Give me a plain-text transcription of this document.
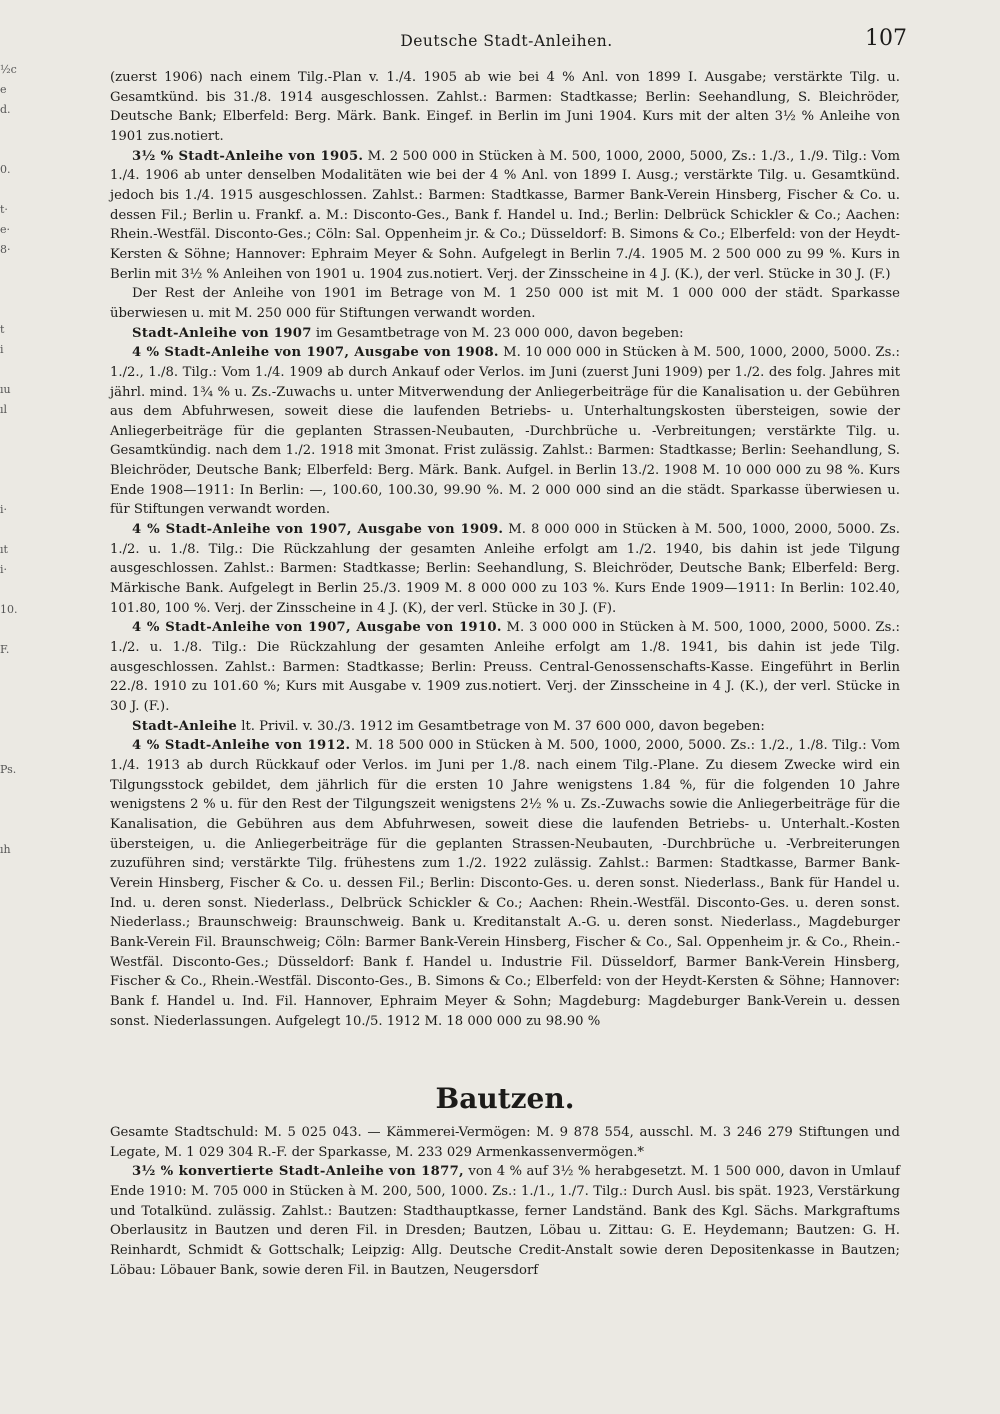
½c
e
d.

0.

t·
e·
8·

t
i

ıu
ıl

i·

ıt
i·

10.

F.

Ps.

ıh

Deutsche Stadt-Anleihen.	107

(zuerst 1906) nach einem Tilg.-Plan v. 1./4. 1905 ab wie bei 4 % Anl. von 1899 I. Ausgabe; verstärkte Tilg. u. Gesamtkünd. bis 31./8. 1914 ausgeschlossen. Zahlst.: Barmen: Stadtkasse; Berlin: Seehandlung, S. Bleichröder, Deutsche Bank; Elberfeld: Berg. Märk. Bank. Eingef. in Berlin im Juni 1904. Kurs mit der alten 3½ % Anleihe von 1901 zus.notiert.

3½ % Stadt-Anleihe von 1905. M. 2 500 000 in Stücken à M. 500, 1000, 2000, 5000, Zs.: 1./3., 1./9. Tilg.: Vom 1./4. 1906 ab unter denselben Modalitäten wie bei der 4 % Anl. von 1899 I. Ausg.; verstärkte Tilg. u. Gesamtkünd. jedoch bis 1./4. 1915 ausgeschlossen. Zahlst.: Barmen: Stadtkasse, Barmer Bank-Verein Hinsberg, Fischer & Co. u. dessen Fil.; Berlin u. Frankf. a. M.: Disconto-Ges., Bank f. Handel u. Ind.; Berlin: Delbrück Schickler & Co.; Aachen: Rhein.-Westfäl. Disconto-Ges.; Cöln: Sal. Oppenheim jr. & Co.; Düsseldorf: B. Simons & Co.; Elberfeld: von der Heydt-Kersten & Söhne; Hannover: Ephraim Meyer & Sohn. Aufgelegt in Berlin 7./4. 1905 M. 2 500 000 zu 99 %. Kurs in Berlin mit 3½ % Anleihen von 1901 u. 1904 zus.notiert. Verj. der Zinsscheine in 4 J. (K.), der verl. Stücke in 30 J. (F.)

Der Rest der Anleihe von 1901 im Betrage von M. 1 250 000 ist mit M. 1 000 000 der städt. Sparkasse überwiesen u. mit M. 250 000 für Stiftungen verwandt worden.

Stadt-Anleihe von 1907 im Gesamtbetrage von M. 23 000 000, davon begeben:

4 % Stadt-Anleihe von 1907, Ausgabe von 1908. M. 10 000 000 in Stücken à M. 500, 1000, 2000, 5000. Zs.: 1./2., 1./8. Tilg.: Vom 1./4. 1909 ab durch Ankauf oder Verlos. im Juni (zuerst Juni 1909) per 1./2. des folg. Jahres mit jährl. mind. 1¾ % u. Zs.-Zuwachs u. unter Mitverwendung der Anliegerbeiträge für die Kanalisation u. der Gebühren aus dem Abfuhrwesen, soweit diese die laufenden Betriebs- u. Unterhaltungskosten übersteigen, sowie der Anliegerbeiträge für die geplanten Strassen-Neubauten, -Durchbrüche u. -Verbreitungen; verstärkte Tilg. u. Gesamtkündig. nach dem 1./2. 1918 mit 3monat. Frist zulässig. Zahlst.: Barmen: Stadtkasse; Berlin: Seehandlung, S. Bleichröder, Deutsche Bank; Elberfeld: Berg. Märk. Bank. Aufgel. in Berlin 13./2. 1908 M. 10 000 000 zu 98 %. Kurs Ende 1908—1911: In Berlin: —, 100.60, 100.30, 99.90 %. M. 2 000 000 sind an die städt. Sparkasse überwiesen u. für Stiftungen verwandt worden.

4 % Stadt-Anleihe von 1907, Ausgabe von 1909. M. 8 000 000 in Stücken à M. 500, 1000, 2000, 5000. Zs. 1./2. u. 1./8. Tilg.: Die Rückzahlung der gesamten Anleihe erfolgt am 1./2. 1940, bis dahin ist jede Tilgung ausgeschlossen. Zahlst.: Barmen: Stadtkasse; Berlin: Seehandlung, S. Bleichröder, Deutsche Bank; Elberfeld: Berg. Märkische Bank. Aufgelegt in Berlin 25./3. 1909 M. 8 000 000 zu 103 %. Kurs Ende 1909—1911: In Berlin: 102.40, 101.80, 100 %. Verj. der Zinsscheine in 4 J. (K), der verl. Stücke in 30 J. (F).

4 % Stadt-Anleihe von 1907, Ausgabe von 1910. M. 3 000 000 in Stücken à M. 500, 1000, 2000, 5000. Zs.: 1./2. u. 1./8. Tilg.: Die Rückzahlung der gesamten Anleihe erfolgt am 1./8. 1941, bis dahin ist jede Tilg. ausgeschlossen. Zahlst.: Barmen: Stadtkasse; Berlin: Preuss. Central-Genossenschafts-Kasse. Eingeführt in Berlin 22./8. 1910 zu 101.60 %; Kurs mit Ausgabe v. 1909 zus.notiert. Verj. der Zinsscheine in 4 J. (K.), der verl. Stücke in 30 J. (F.).

Stadt-Anleihe lt. Privil. v. 30./3. 1912 im Gesamtbetrage von M. 37 600 000, davon begeben:

4 % Stadt-Anleihe von 1912. M. 18 500 000 in Stücken à M. 500, 1000, 2000, 5000. Zs.: 1./2., 1./8. Tilg.: Vom 1./4. 1913 ab durch Rückkauf oder Verlos. im Juni per 1./8. nach einem Tilg.-Plane. Zu diesem Zwecke wird ein Tilgungsstock gebildet, dem jährlich für die ersten 10 Jahre wenigstens 1.84 %, für die folgenden 10 Jahre wenigstens 2 % u. für den Rest der Tilgungszeit wenigstens 2½ % u. Zs.-Zuwachs sowie die Anliegerbeiträge für die Kanalisation, die Gebühren aus dem Abfuhrwesen, soweit diese die laufenden Betriebs- u. Unterhalt.-Kosten übersteigen, u. die Anliegerbeiträge für die geplanten Strassen-Neubauten, -Durchbrüche u. -Verbreiterungen zuzuführen sind; verstärkte Tilg. frühestens zum 1./2. 1922 zulässig. Zahlst.: Barmen: Stadtkasse, Barmer Bank-Verein Hinsberg, Fischer & Co. u. dessen Fil.; Berlin: Disconto-Ges. u. deren sonst. Niederlass., Bank für Handel u. Ind. u. deren sonst. Niederlass., Delbrück Schickler & Co.; Aachen: Rhein.-Westfäl. Disconto-Ges. u. deren sonst. Niederlass.; Braunschweig: Braunschweig. Bank u. Kreditanstalt A.-G. u. deren sonst. Niederlass., Magdeburger Bank-Verein Fil. Braunschweig; Cöln: Barmer Bank-Verein Hinsberg, Fischer & Co., Sal. Oppenheim jr. & Co., Rhein.-Westfäl. Disconto-Ges.; Düsseldorf: Bank f. Handel u. Industrie Fil. Düsseldorf, Barmer Bank-Verein Hinsberg, Fischer & Co., Rhein.-Westfäl. Disconto-Ges., B. Simons & Co.; Elberfeld: von der Heydt-Kersten & Söhne; Hannover: Bank f. Handel u. Ind. Fil. Hannover, Ephraim Meyer & Sohn; Magdeburg: Magdeburger Bank-Verein u. dessen sonst. Niederlassungen. Aufgelegt 10./5. 1912 M. 18 000 000 zu 98.90 %

Bautzen.

Gesamte Stadtschuld: M. 5 025 043. — Kämmerei-Vermögen: M. 9 878 554, ausschl. M. 3 246 279 Stiftungen und Legate, M. 1 029 304 R.-F. der Sparkasse, M. 233 029 Armenkassenvermögen.*

3½ % konvertierte Stadt-Anleihe von 1877, von 4 % auf 3½ % herabgesetzt. M. 1 500 000, davon in Umlauf Ende 1910: M. 705 000 in Stücken à M. 200, 500, 1000. Zs.: 1./1., 1./7. Tilg.: Durch Ausl. bis spät. 1923, Verstärkung und Totalkünd. zulässig. Zahlst.: Bautzen: Stadthauptkasse, ferner Landständ. Bank des Kgl. Sächs. Markgraftums Oberlausitz in Bautzen und deren Fil. in Dresden; Bautzen, Löbau u. Zittau: G. E. Heydemann; Bautzen: G. H. Reinhardt, Schmidt & Gottschalk; Leipzig: Allg. Deutsche Credit-Anstalt sowie deren Depositenkasse in Bautzen; Löbau: Löbauer Bank, sowie deren Fil. in Bautzen, Neugersdorf
